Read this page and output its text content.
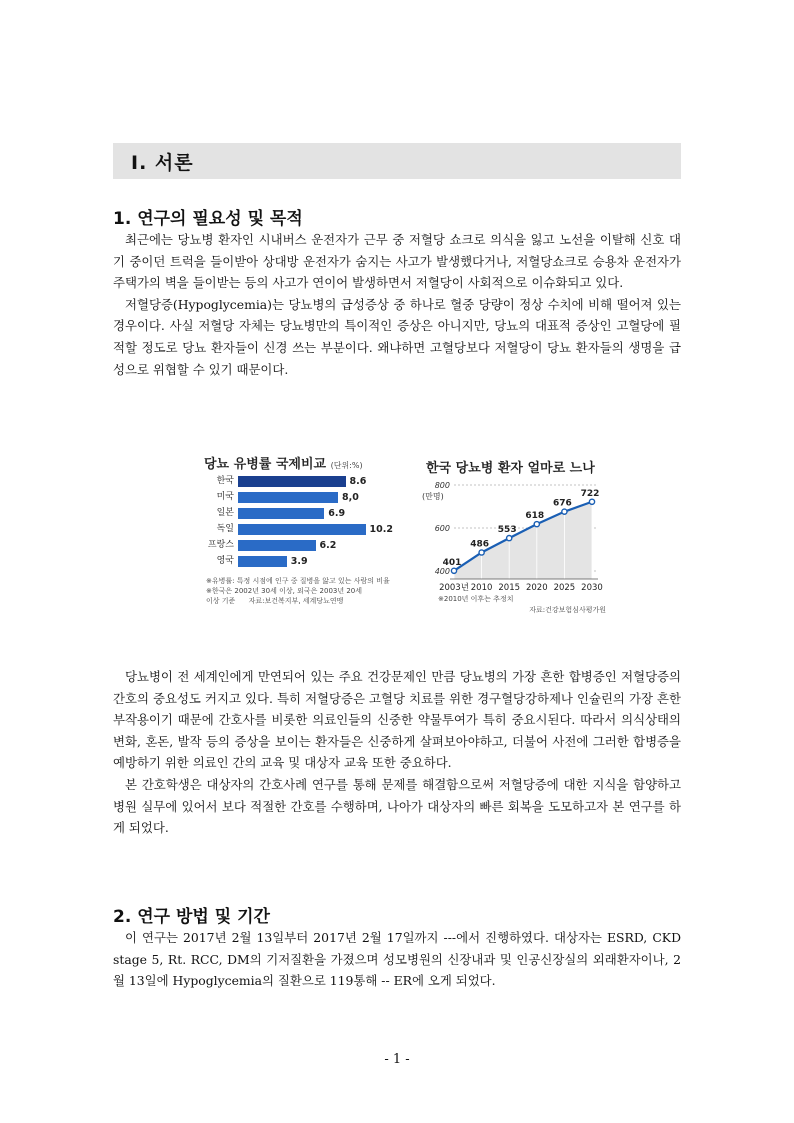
Ⅰ. 서론
1. 연구의 필요성 및 목적

최근에는 당뇨병 환자인 시내버스 운전자가 근무 중 저혈당 쇼크로 의식을 잃고 노선을 이탈해 신호 대기 중이던 트럭을 들이받아 상대방 운전자가 숨지는 사고가 발생했다거나, 저혈당쇼크로 승용차 운전자가 주택가의 벽을 들이받는 등의 사고가 연이어 발생하면서 저혈당이 사회적으로 이슈화되고 있다.

저혈당증(Hypoglycemia)는 당뇨병의 급성증상 중 하나로 혈중 당량이 정상 수치에 비해 떨어져 있는 경우이다. 사실 저혈당 자체는 당뇨병만의 특이적인 증상은 아니지만, 당뇨의 대표적 증상인 고혈당에 필적할 정도로 당뇨 환자들이 신경 쓰는 부분이다. 왜냐하면 고혈당보다 저혈당이 당뇨 환자들의 생명을 급성으로 위협할 수 있기 때문이다.

당뇨 유병률 국제비교 (단위:%)
한국	8.6
미국	8,0
일본	6.9
독일	10.2
프랑스	6.2
영국	3.9
※유병률: 특정 시점에 인구 중 질병을 앓고 있는 사람의 비율
※한국은 2002년 30세 이상, 외국은 2003년 20세
이상 기준 자료:보건복지부, 세계당뇨연맹
한국 당뇨병 환자 얼마로 느나
800
600
400
(만명)
401
486
553
618
676
722
2003년 2010 2015 2020 2025 2030
※2010년 이후는 추정치
자료:건강보험심사평가원

당뇨병이 전 세계인에게 만연되어 있는 주요 건강문제인 만큼 당뇨병의 가장 흔한 합병증인 저혈당증의 간호의 중요성도 커지고 있다. 특히 저혈당증은 고혈당 치료를 위한 경구혈당강하제나 인슐린의 가장 흔한 부작용이기 때문에 간호사를 비롯한 의료인들의 신중한 약물투여가 특히 중요시된다. 따라서 의식상태의 변화, 혼돈, 발작 등의 증상을 보이는 환자들은 신중하게 살펴보아야하고, 더불어 사전에 그러한 합병증을 예방하기 위한 의료인 간의 교육 및 대상자 교육 또한 중요하다.

본 간호학생은 대상자의 간호사례 연구를 통해 문제를 해결함으로써 저혈당증에 대한 지식을 함양하고 병원 실무에 있어서 보다 적절한 간호를 수행하며, 나아가 대상자의 빠른 회복을 도모하고자 본 연구를 하게 되었다.

2. 연구 방법 및 기간

이 연구는 2017년 2월 13일부터 2017년 2월 17일까지 ---에서 진행하였다. 대상자는 ESRD, CKD stage 5, Rt. RCC, DM의 기저질환을 가졌으며 성모병원의 신장내과 및 인공신장실의 외래환자이나, 2월 13일에 Hypoglycemia의 질환으로 119통해 -- ER에 오게 되었다.

- 1 -
